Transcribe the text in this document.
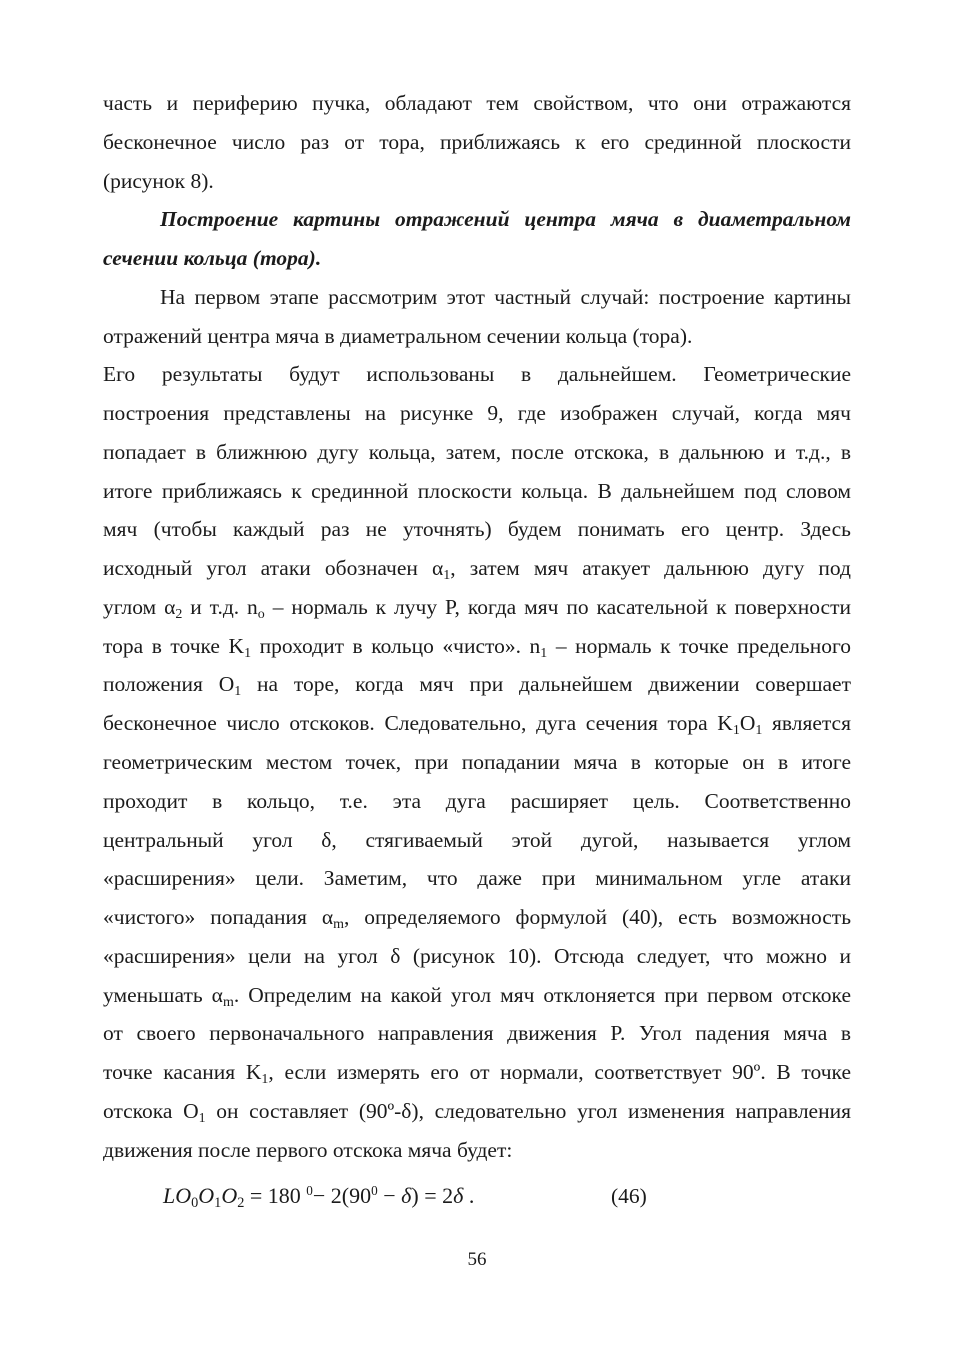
часть и периферию пучка, обладают тем свойством, что они отражаются
бесконечное число раз от тора, приближаясь к его срединной плоскости
(рисунок 8).
Построение картины отражений центра мяча в диаметральном
сечении кольца (тора).
На первом этапе рассмотрим этот частный случай: построение картины
отражений центра мяча в диаметральном сечении кольца (тора).
Его результаты будут использованы в дальнейшем. Геометрические
построения представлены на рисунке 9, где изображен случай, когда мяч
попадает в ближнюю дугу кольца, затем, после отскока, в дальнюю и т.д., в
итоге приближаясь к срединной плоскости кольца. В дальнейшем под словом
мяч (чтобы каждый раз не уточнять) будем понимать его центр. Здесь
исходный угол атаки обозначен $\alpha_1$, затем мяч атакует дальнюю дугу под
углом $\alpha_2$ и т.д. $n_o$ – нормаль к лучу P, когда мяч по касательной к поверхности
тора в точке $K_1$ проходит в кольцо «чисто». $n_1$ – нормаль к точке предельного
положения $O_1$ на торе, когда мяч при дальнейшем движении совершает
бесконечное число отскоков. Следовательно, дуга сечения тора $K_1O_1$ является
геометрическим местом точек, при попадании мяча в которые он в итоге
проходит в кольцо, т.е. эта дуга расширяет цель. Соответственно
центральный угол δ, стягиваемый этой дугой, называется углом
«расширения» цели. Заметим, что даже при минимальном угле атаки
«чистого» попадания $\alpha_m$, определяемого формулой (40), есть возможность
«расширения» цели на угол δ (рисунок 10). Отсюда следует, что можно и
уменьшать $\alpha_m$. Определим на какой угол мяч отклоняется при первом отскоке
от своего первоначального направления движения P. Угол падения мяча в
точке касания $K_1$, если измерять его от нормали, соответствует 90º. В точке
отскока $O_1$ он составляет (90º-δ), следовательно угол изменения направления
движения после первого отскока мяча будет:
$LO_0O_1O_2 = 180$ $^0- 2(90^0 - \delta) = 2\delta$ .	(46)
56
